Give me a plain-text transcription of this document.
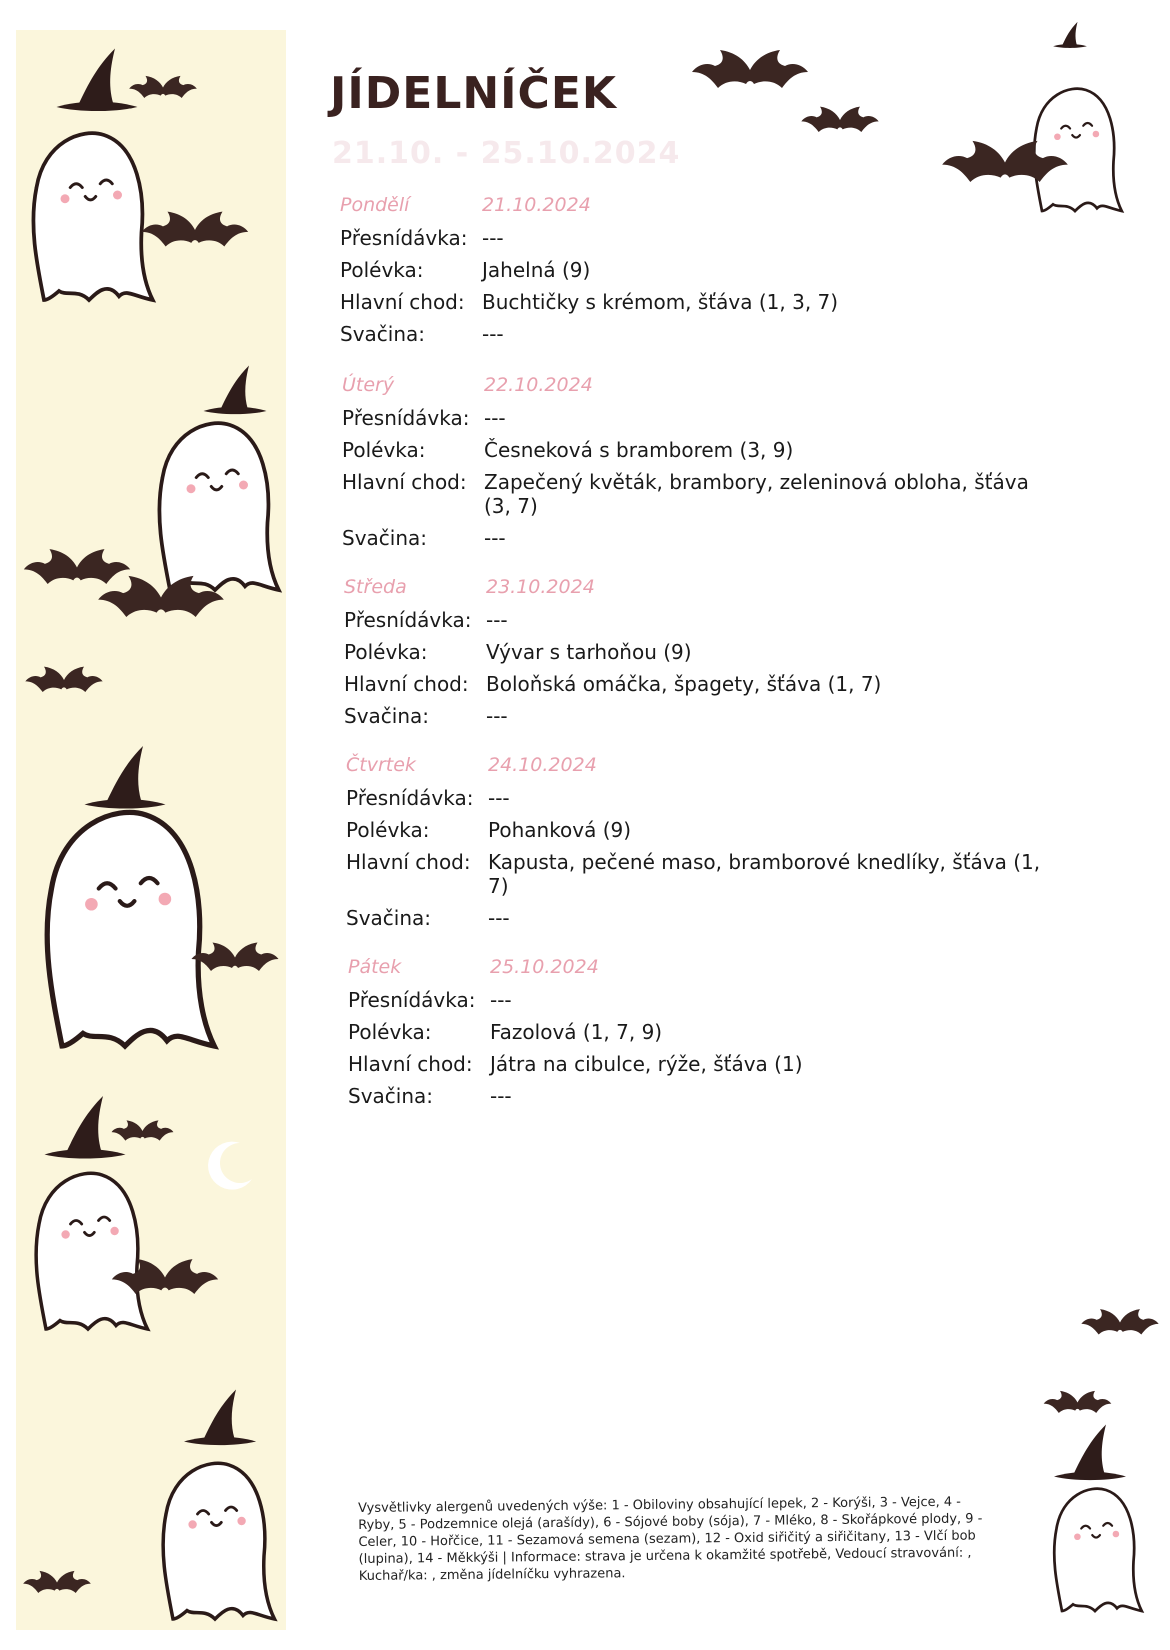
JÍDELNÍČEK
21.10. - 25.10.2024
Pondělí	21.10.2024
Přesnídávka: ---
Polévka:	Jahelná (9)
Hlavní chod: Buchtičky s krémom, šťáva (1, 3, 7)
Svačina:	---
Úterý	22.10.2024
Přesnídávka: ---
Polévka:	Česneková s bramborem (3, 9)
Hlavní chod: Zapečený květák, brambory, zeleninová obloha, šťáva (3, 7)
Svačina:	---
Středa	23.10.2024
Přesnídávka: ---
Polévka:	Vývar s tarhoňou (9)
Hlavní chod: Boloňská omáčka, špagety, šťáva (1, 7)
Svačina:	---
Čtvrtek	24.10.2024
Přesnídávka: ---
Polévka:	Pohanková (9)
Hlavní chod: Kapusta, pečené maso, bramborové knedlíky, šťáva (1, 7)
Svačina:	---
Pátek	25.10.2024
Přesnídávka: ---
Polévka:	Fazolová (1, 7, 9)
Hlavní chod: Játra na cibulce, rýže, šťáva (1)
Svačina:	---
Vysvětlivky alergenů uvedených výše: 1 - Obiloviny obsahující lepek, 2 - Korýši, 3 - Vejce, 4 - Ryby, 5 - Podzemnice olejá (arašídy), 6 - Sójové boby (sója), 7 - Mléko, 8 - Skořápkové plody, 9 - Celer, 10 - Hořčice, 11 - Sezamová semena (sezam), 12 - Oxid siřičitý a siřičitany, 13 - Vlčí bob (lupina), 14 - Měkkýši | Informace: strava je určena k okamžité spotřebě, Vedoucí stravování: , Kuchař/ka: , změna jídelníčku vyhrazena.
